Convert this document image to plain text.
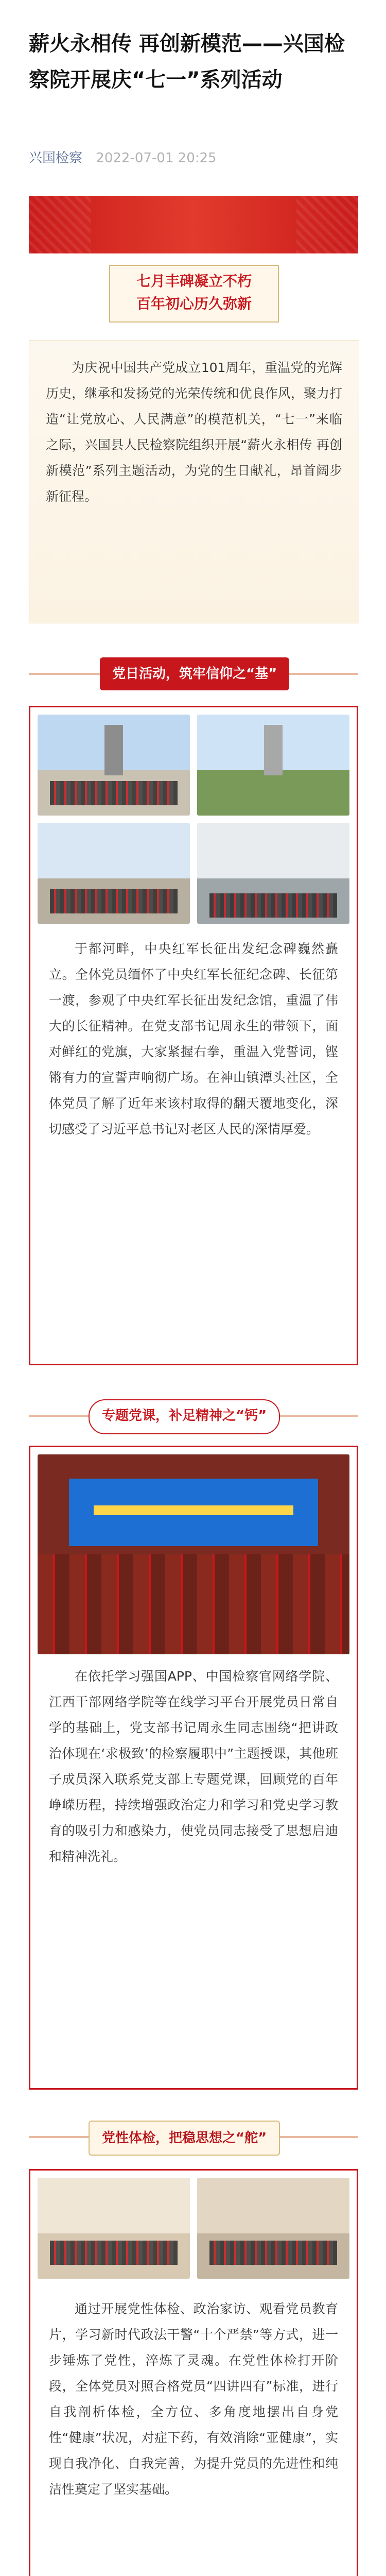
薪火永相传 再创新模范——兴国检察院开展庆“七一”系列活动
兴国检察 2022-07-01 20:25
七月丰碑凝立不朽
百年初心历久弥新

为庆祝中国共产党成立101周年，重温党的光辉历史，继承和发扬党的光荣传统和优良作风，聚力打造“让党放心、人民满意”的模范机关，“七一”来临之际，兴国县人民检察院组织开展“薪火永相传 再创新模范”系列主题活动，为党的生日献礼，昂首阔步新征程。

党日活动，筑牢信仰之“基”

于都河畔，中央红军长征出发纪念碑巍然矗立。全体党员缅怀了中央红军长征纪念碑、长征第一渡，参观了中央红军长征出发纪念馆，重温了伟大的长征精神。在党支部书记周永生的带领下，面对鲜红的党旗，大家紧握右拳，重温入党誓词，铿锵有力的宣誓声响彻广场。在神山镇潭头社区，全体党员了解了近年来该村取得的翻天覆地变化，深切感受了习近平总书记对老区人民的深情厚爱。

专题党课，补足精神之“钙”

在依托学习强国APP、中国检察官网络学院、江西干部网络学院等在线学习平台开展党员日常自学的基础上，党支部书记周永生同志围绕“把讲政治体现在‘求极致’的检察履职中”主题授课，其他班子成员深入联系党支部上专题党课，回顾党的百年峥嵘历程，持续增强政治定力和学习和党史学习教育的吸引力和感染力，使党员同志接受了思想启迪和精神洗礼。

党性体检，把稳思想之“舵”

通过开展党性体检、政治家访、观看党员教育片，学习新时代政法干警“十个严禁”等方式，进一步锤炼了党性，淬炼了灵魂。在党性体检打开阶段，全体党员对照合格党员“四讲四有”标准，进行自我剖析体检，全方位、多角度地摆出自身党性“健康”状况，对症下药，有效消除“亚健康”，实现自我净化、自我完善，为提升党员的先进性和纯洁性奠定了坚实基础。
